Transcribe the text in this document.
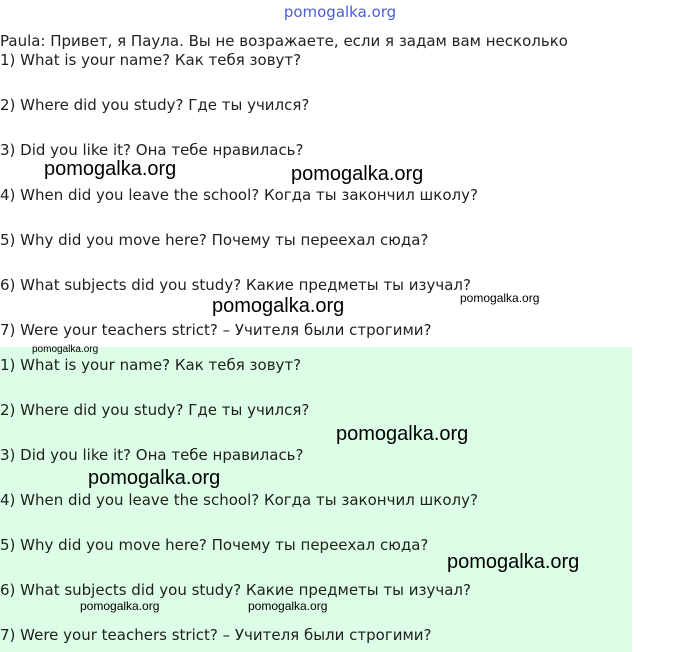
pomogalka.org
Paula: Привет, я Паула. Вы не возражаете, если я задам вам несколько
1) What is your name? Как тебя зовут?
2) Where did you study? Где ты учился?
3) Did you like it? Она тебе нравилась?
4) When did you leave the school? Когда ты закончил школу?
5) Why did you move here? Почему ты переехал сюда?
6) What subjects did you study? Какие предметы ты изучал?
7) Were your teachers strict? – Учителя были строгими?
1) What is your name? Как тебя зовут?
2) Where did you study? Где ты учился?
3) Did you like it? Она тебе нравилась?
4) When did you leave the school? Когда ты закончил школу?
5) Why did you move here? Почему ты переехал сюда?
6) What subjects did you study? Какие предметы ты изучал?
7) Were your teachers strict? – Учителя были строгими?
pomogalka.org	pomogalka.org
pomogalka.org	pomogalka.org
pomogalka.org
pomogalka.org
pomogalka.org
pomogalka.org
pomogalka.org	pomogalka.org
